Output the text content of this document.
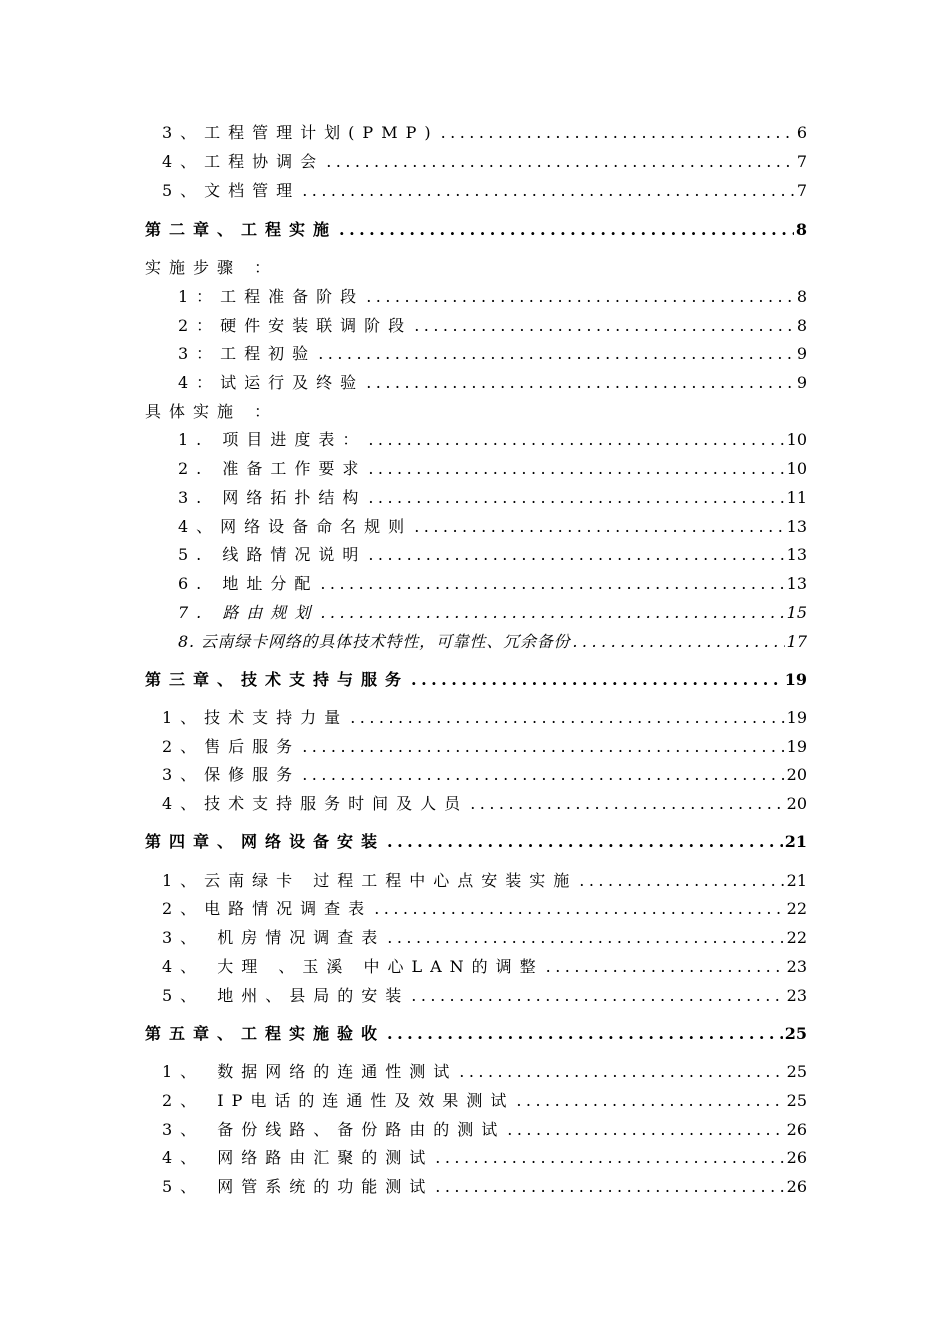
3、工程管理计划(PMP) .....	6
4、工程协调会 .....	7
5、文档管理 .....	7
第二章、工程实施 .....	8
实施步骤 ：
1：工程准备阶段 .....	8
2：硬件安装联调阶段 .....	8
3：工程初验 .....	9
4：试运行及终验 .....	9
具体实施 ：
1. 项目进度表： .....	10
2. 准备工作要求 .....	10
3. 网络拓扑结构 .....	11
4、网络设备命名规则 .....	13
5. 线路情况说明 .....	13
6. 地址分配 .....	13
7. 路由规划 .....	15
8. 云南绿卡网络的具体技术特性，可靠性、冗余备份 .....	17
第三章、技术支持与服务 .....	19
1、技术支持力量 .....	19
2、售后服务 .....	19
3、保修服务 .....	20
4、技术支持服务时间及人员 .....	20
第四章、网络设备安装 .....	21
1、云南绿卡 过程工程中心点安装实施 .....	21
2、电路情况调查表 .....	22
3、 机房情况调查表 .....	22
4、 大理 、玉溪 中心LAN的调整 .....	23
5、 地州、县局的安装 .....	23
第五章、工程实施验收 .....	25
1、 数据网络的连通性测试 .....	25
2、 IP电话的连通性及效果测试 .....	25
3、 备份线路、备份路由的测试 .....	26
4、 网络路由汇聚的测试 .....	26
5、 网管系统的功能测试 .....	26
